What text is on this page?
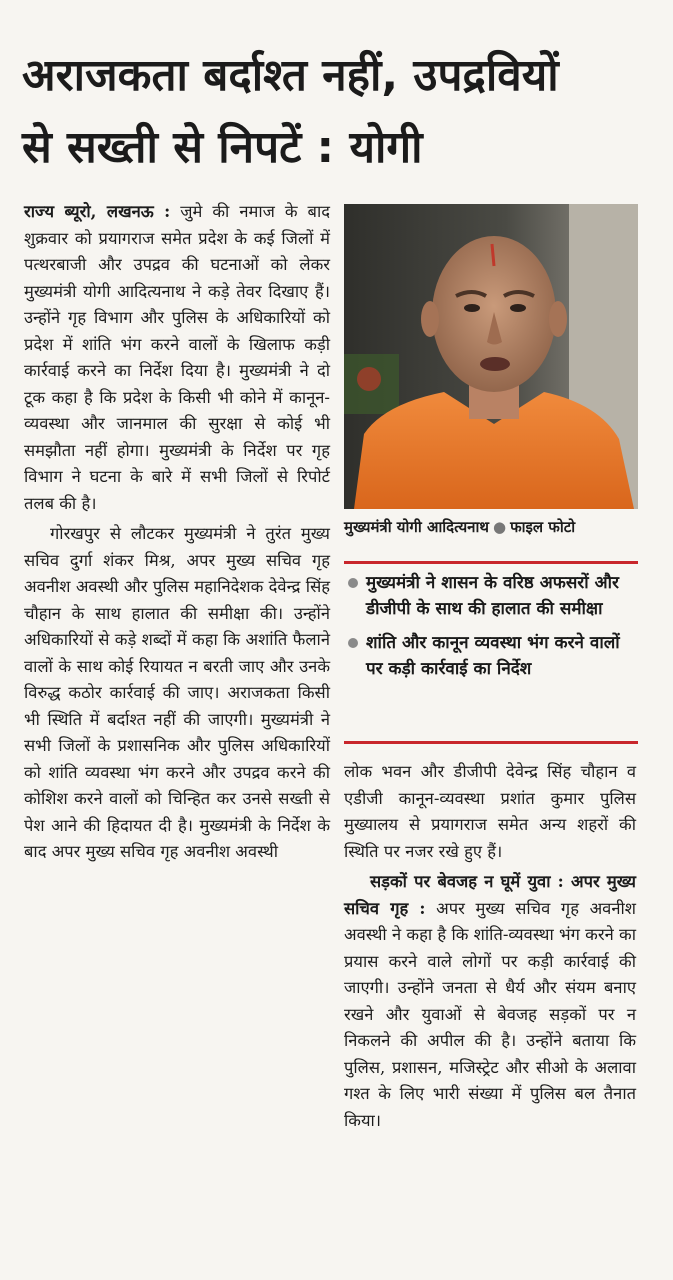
अराजकता बर्दाश्त नहीं, उपद्रवियों
से सख्ती से निपटें : योगी

राज्य ब्यूरो, लखनऊ : जुमे की नमाज के बाद शुक्रवार को प्रयागराज समेत प्रदेश के कई जिलों में पत्थरबाजी और उपद्रव की घटनाओं को लेकर मुख्यमंत्री योगी आदित्यनाथ ने कड़े तेवर दिखाए हैं। उन्होंने गृह विभाग और पुलिस के अधिकारियों को प्रदेश में शांति भंग करने वालों के खिलाफ कड़ी कार्रवाई करने का निर्देश दिया है। मुख्यमंत्री ने दो टूक कहा है कि प्रदेश के किसी भी कोने में कानून-व्यवस्था और जानमाल की सुरक्षा से कोई भी समझौता नहीं होगा। मुख्यमंत्री के निर्देश पर गृह विभाग ने घटना के बारे में सभी जिलों से रिपोर्ट तलब की है।

गोरखपुर से लौटकर मुख्यमंत्री ने तुरंत मुख्य सचिव दुर्गा शंकर मिश्र, अपर मुख्य सचिव गृह अवनीश अवस्थी और पुलिस महानिदेशक देवेन्द्र सिंह चौहान के साथ हालात की समीक्षा की। उन्होंने अधिकारियों से कड़े शब्दों में कहा कि अशांति फैलाने वालों के साथ कोई रियायत न बरती जाए और उनके विरुद्ध कठोर कार्रवाई की जाए। अराजकता किसी भी स्थिति में बर्दाश्त नहीं की जाएगी। मुख्यमंत्री ने सभी जिलों के प्रशासनिक और पुलिस अधिकारियों को शांति व्यवस्था भंग करने और उपद्रव करने की कोशिश करने वालों को चिन्हित कर उनसे सख्ती से पेश आने की हिदायत दी है। मुख्यमंत्री के निर्देश के बाद अपर मुख्य सचिव गृह अवनीश अवस्थी

मुख्यमंत्री योगी आदित्यनाथ ● फाइल फोटो
मुख्यमंत्री ने शासन के वरिष्ठ अफसरों और डीजीपी के साथ की हालात की समीक्षा
शांति और कानून व्यवस्था भंग करने वालों पर कड़ी कार्रवाई का निर्देश

लोक भवन और डीजीपी देवेन्द्र सिंह चौहान व एडीजी कानून-व्यवस्था प्रशांत कुमार पुलिस मुख्यालय से प्रयागराज समेत अन्य शहरों की स्थिति पर नजर रखे हुए हैं।

सड़कों पर बेवजह न घूमें युवा : अपर मुख्य सचिव गृह : अपर मुख्य सचिव गृह अवनीश अवस्थी ने कहा है कि शांति-व्यवस्था भंग करने का प्रयास करने वाले लोगों पर कड़ी कार्रवाई की जाएगी। उन्होंने जनता से धैर्य और संयम बनाए रखने और युवाओं से बेवजह सड़कों पर न निकलने की अपील की है। उन्होंने बताया कि पुलिस, प्रशासन, मजिस्ट्रेट और सीओ के अलावा गश्त के लिए भारी संख्या में पुलिस बल तैनात किया।
